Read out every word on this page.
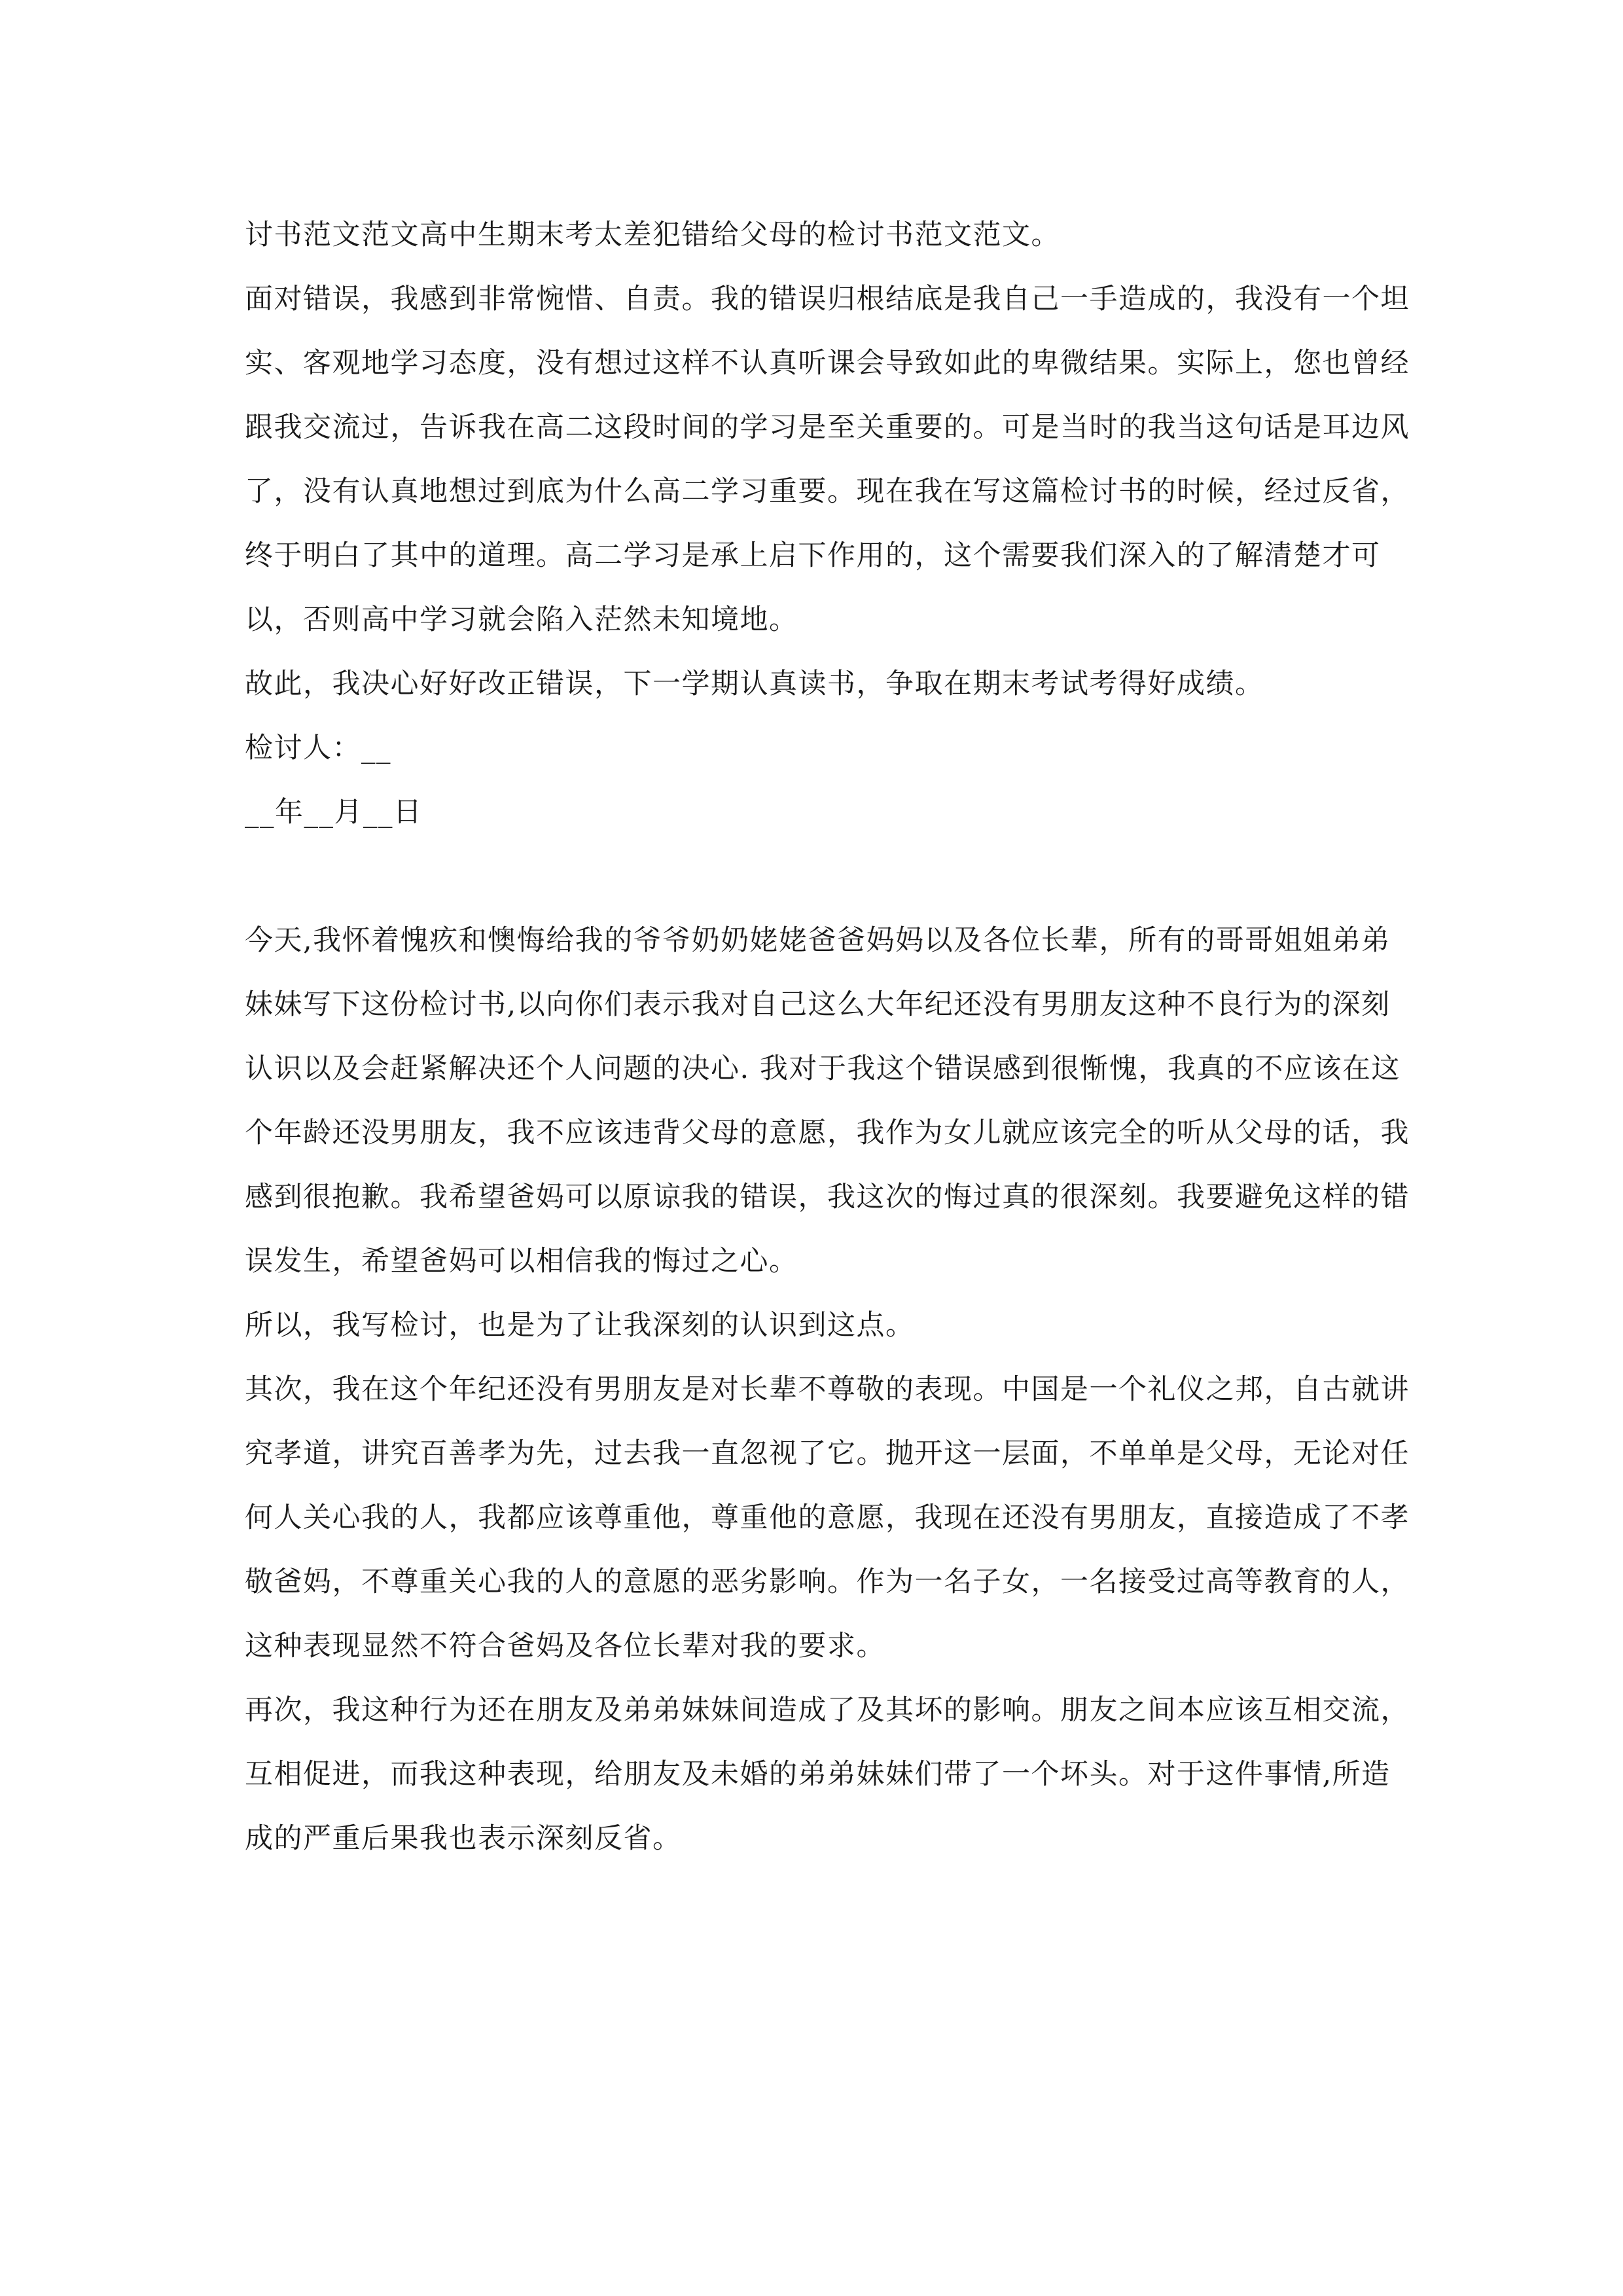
讨书范文范文高中生期末考太差犯错给父母的检讨书范文范文。

面对错误，我感到非常惋惜、自责。我的错误归根结底是我自己一手造成的，我没有一个坦实、客观地学习态度，没有想过这样不认真听课会导致如此的卑微结果。实际上，您也曾经跟我交流过，告诉我在高二这段时间的学习是至关重要的。可是当时的我当这句话是耳边风了，没有认真地想过到底为什么高二学习重要。现在我在写这篇检讨书的时候，经过反省，终于明白了其中的道理。高二学习是承上启下作用的，这个需要我们深入的了解清楚才可以，否则高中学习就会陷入茫然未知境地。

故此，我决心好好改正错误，下一学期认真读书，争取在期末考试考得好成绩。

检讨人：__

__年__月__日

今天,我怀着愧疚和懊悔给我的爷爷奶奶姥姥爸爸妈妈以及各位长辈，所有的哥哥姐姐弟弟妹妹写下这份检讨书,以向你们表示我对自己这么大年纪还没有男朋友这种不良行为的深刻认识以及会赶紧解决还个人问题的决心. 我对于我这个错误感到很惭愧，我真的不应该在这个年龄还没男朋友，我不应该违背父母的意愿，我作为女儿就应该完全的听从父母的话，我感到很抱歉。我希望爸妈可以原谅我的错误，我这次的悔过真的很深刻。我要避免这样的错误发生，希望爸妈可以相信我的悔过之心。

所以，我写检讨，也是为了让我深刻的认识到这点。

其次，我在这个年纪还没有男朋友是对长辈不尊敬的表现。中国是一个礼仪之邦，自古就讲究孝道，讲究百善孝为先，过去我一直忽视了它。抛开这一层面，不单单是父母，无论对任何人关心我的人，我都应该尊重他，尊重他的意愿，我现在还没有男朋友，直接造成了不孝敬爸妈，不尊重关心我的人的意愿的恶劣影响。作为一名子女，一名接受过高等教育的人，这种表现显然不符合爸妈及各位长辈对我的要求。

再次，我这种行为还在朋友及弟弟妹妹间造成了及其坏的影响。朋友之间本应该互相交流，互相促进，而我这种表现，给朋友及未婚的弟弟妹妹们带了一个坏头。对于这件事情,所造成的严重后果我也表示深刻反省。
